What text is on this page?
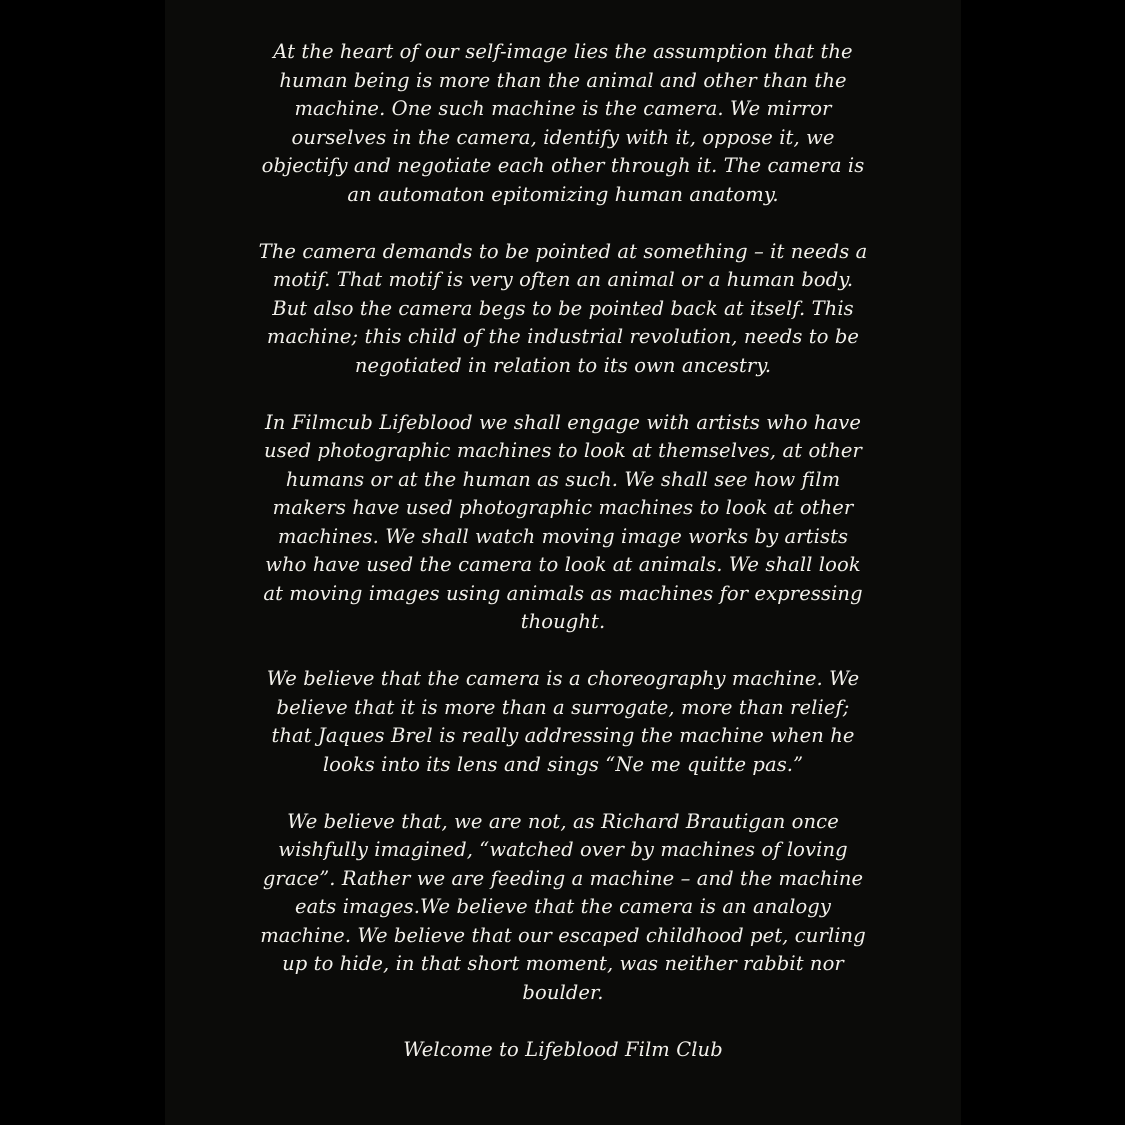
At the heart of our self-image lies the assumption that the human being is more than the animal and other than the machine. One such machine is the camera. We mirror ourselves in the camera, identify with it, oppose it, we objectify and negotiate each other through it. The camera is an automaton epitomizing human anatomy.

The camera demands to be pointed at something – it needs a motif. That motif is very often an animal or a human body. But also the camera begs to be pointed back at itself. This machine; this child of the industrial revolution, needs to be negotiated in relation to its own ancestry.

In Filmcub Lifeblood we shall engage with artists who have used photographic machines to look at themselves, at other humans or at the human as such. We shall see how film makers have used photographic machines to look at other machines. We shall watch moving image works by artists who have used the camera to look at animals. We shall look at moving images using animals as machines for expressing thought.

We believe that the camera is a choreography machine. We believe that it is more than a surrogate, more than relief; that Jaques Brel is really addressing the machine when he looks into its lens and sings “Ne me quitte pas.”

We believe that, we are not, as Richard Brautigan once wishfully imagined, “watched over by machines of loving grace”. Rather we are feeding a machine – and the machine eats images.We believe that the camera is an analogy machine. We believe that our escaped childhood pet, curling up to hide, in that short moment, was neither rabbit nor boulder.

Welcome to Lifeblood Film Club
